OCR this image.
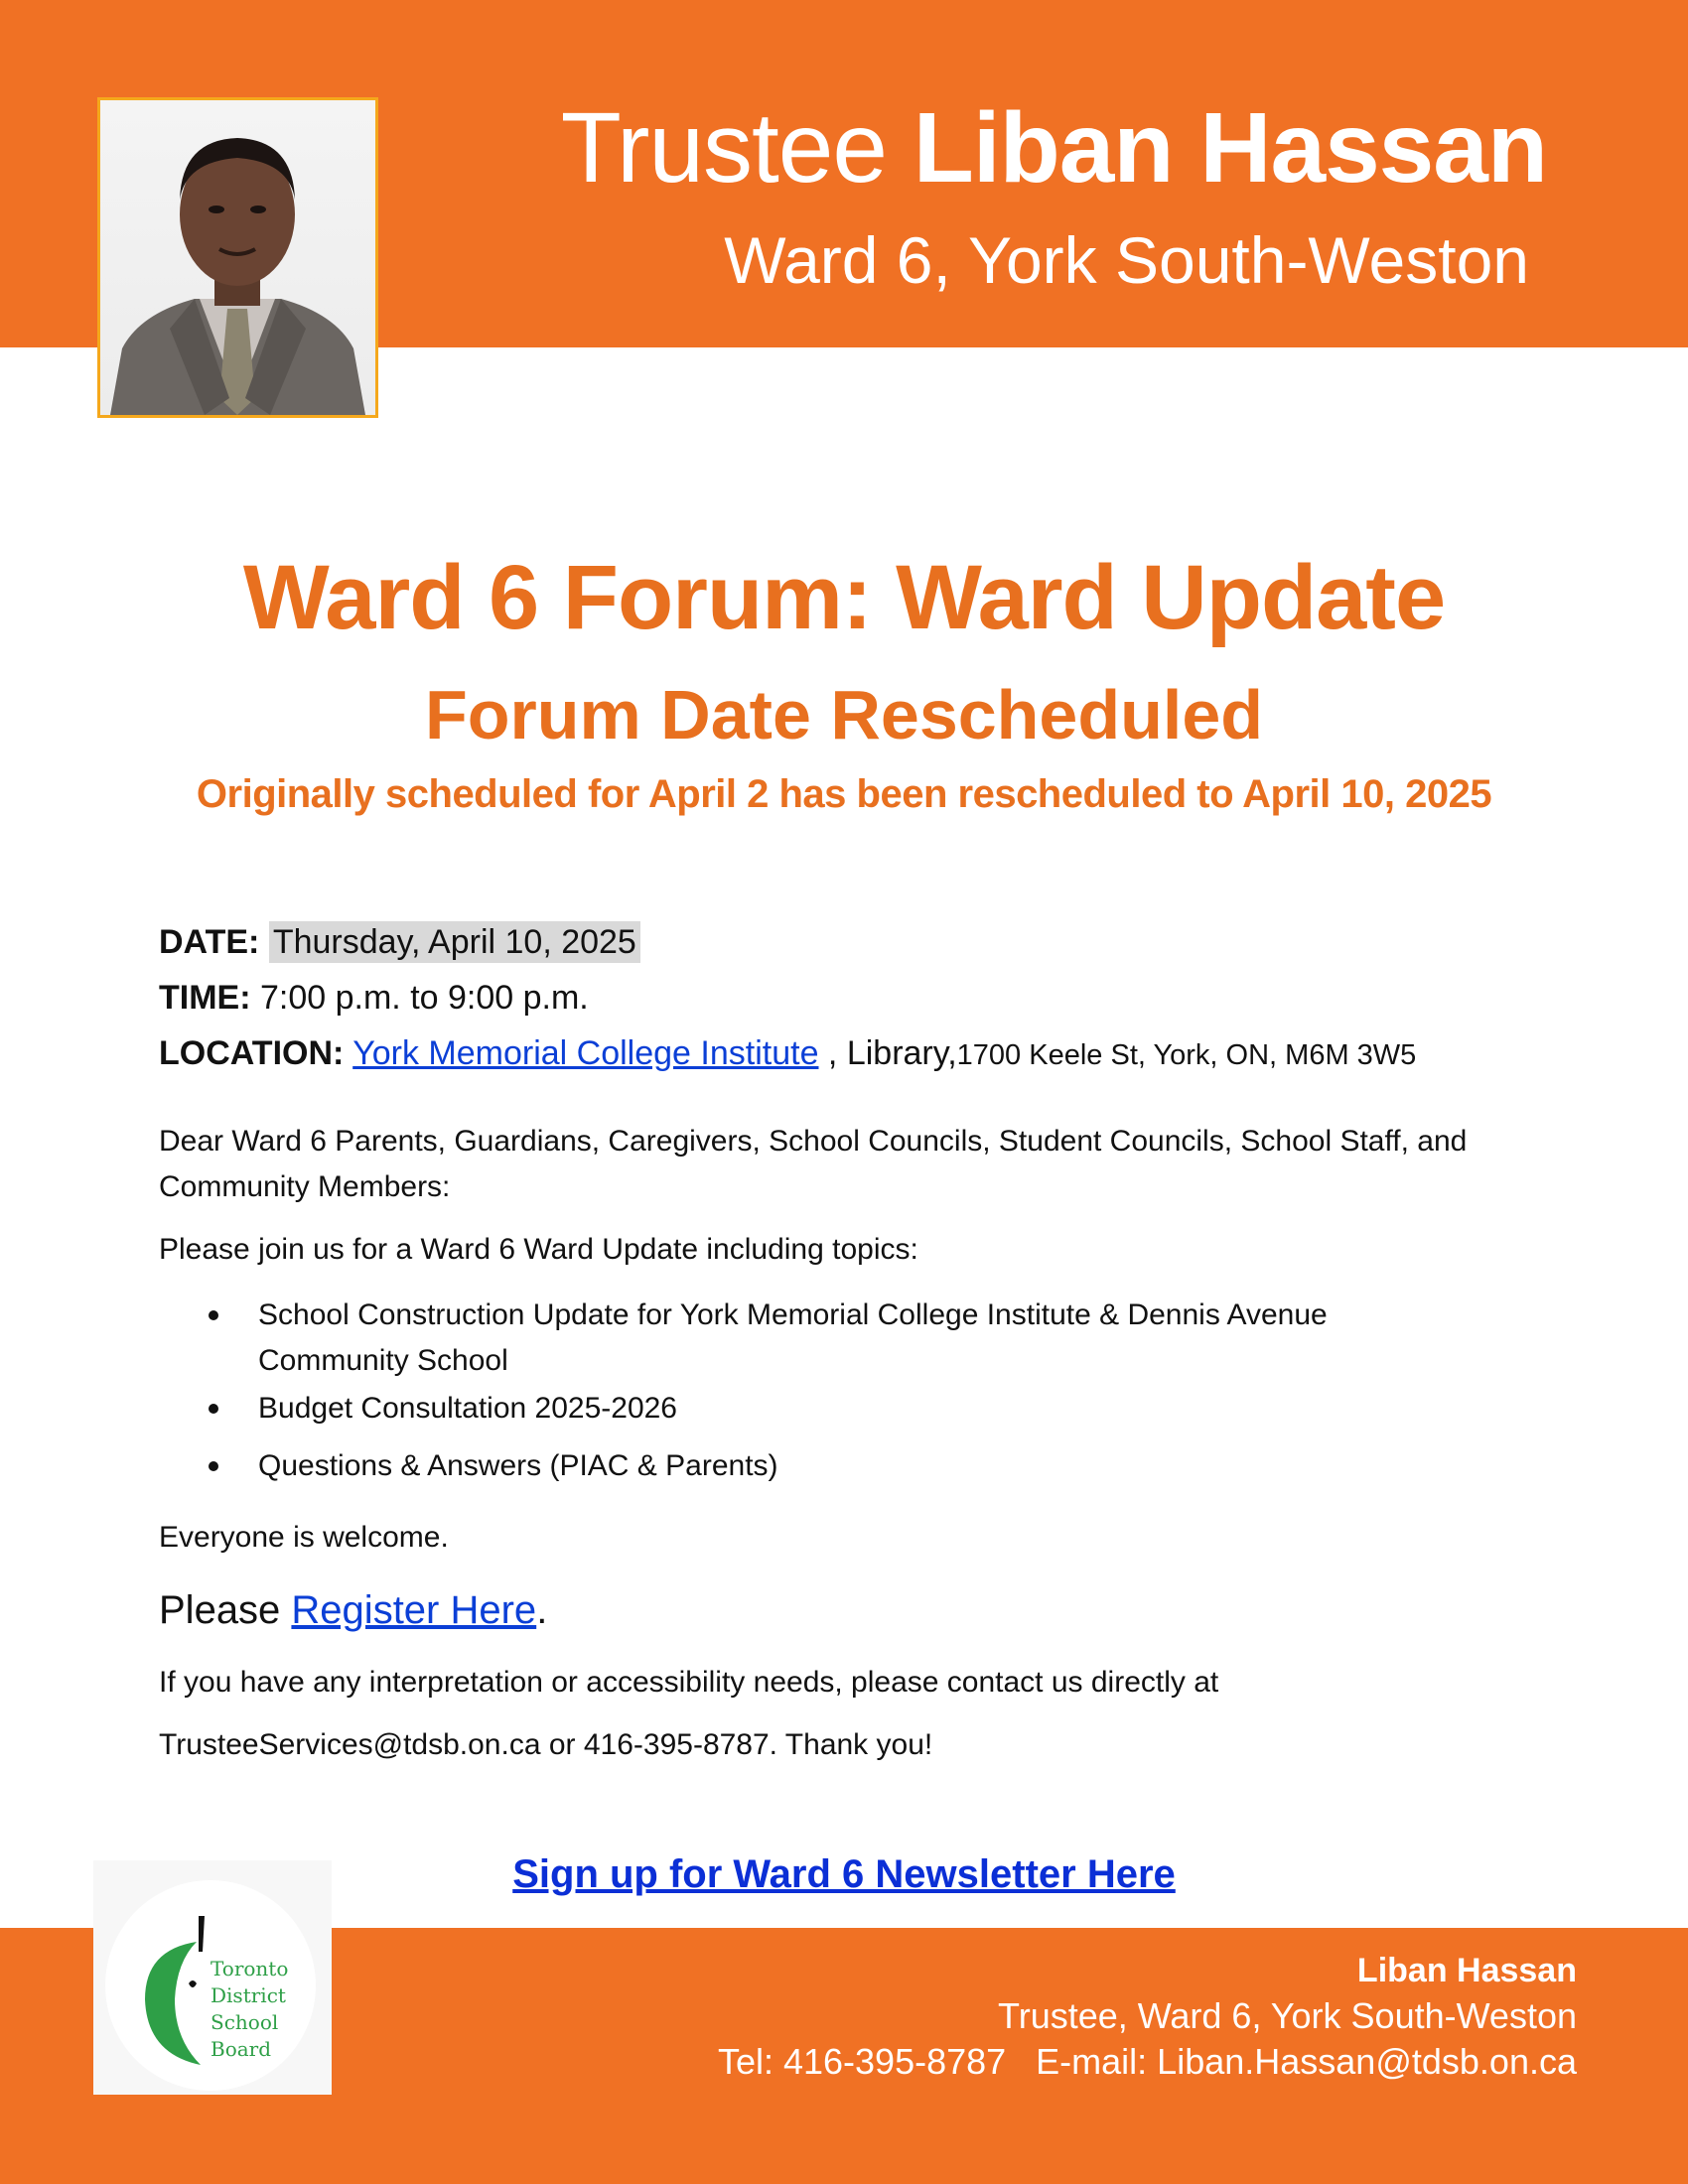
Trustee Liban Hassan
Ward 6, York South-Weston
Ward 6 Forum: Ward Update
Forum Date Rescheduled
Originally scheduled for April 2 has been rescheduled to April 10, 2025
DATE: Thursday, April 10, 2025
TIME: 7:00 p.m. to 9:00 p.m.
LOCATION: York Memorial College Institute , Library,1700 Keele St, York, ON, M6M 3W5
Dear Ward 6 Parents, Guardians, Caregivers, School Councils, Student Councils, School Staff, and Community Members:
Please join us for a Ward 6 Ward Update including topics:
School Construction Update for York Memorial College Institute & Dennis Avenue Community School
Budget Consultation 2025-2026
Questions & Answers (PIAC & Parents)
Everyone is welcome.
Please Register Here.
If you have any interpretation or accessibility needs, please contact us directly at
TrusteeServices@tdsb.on.ca or 416-395-8787. Thank you!
Sign up for Ward 6 Newsletter Here
Toronto
District
School
Board
Liban Hassan
Trustee, Ward 6, York South-Weston
Tel: 416-395-8787   E-mail: Liban.Hassan@tdsb.on.ca
